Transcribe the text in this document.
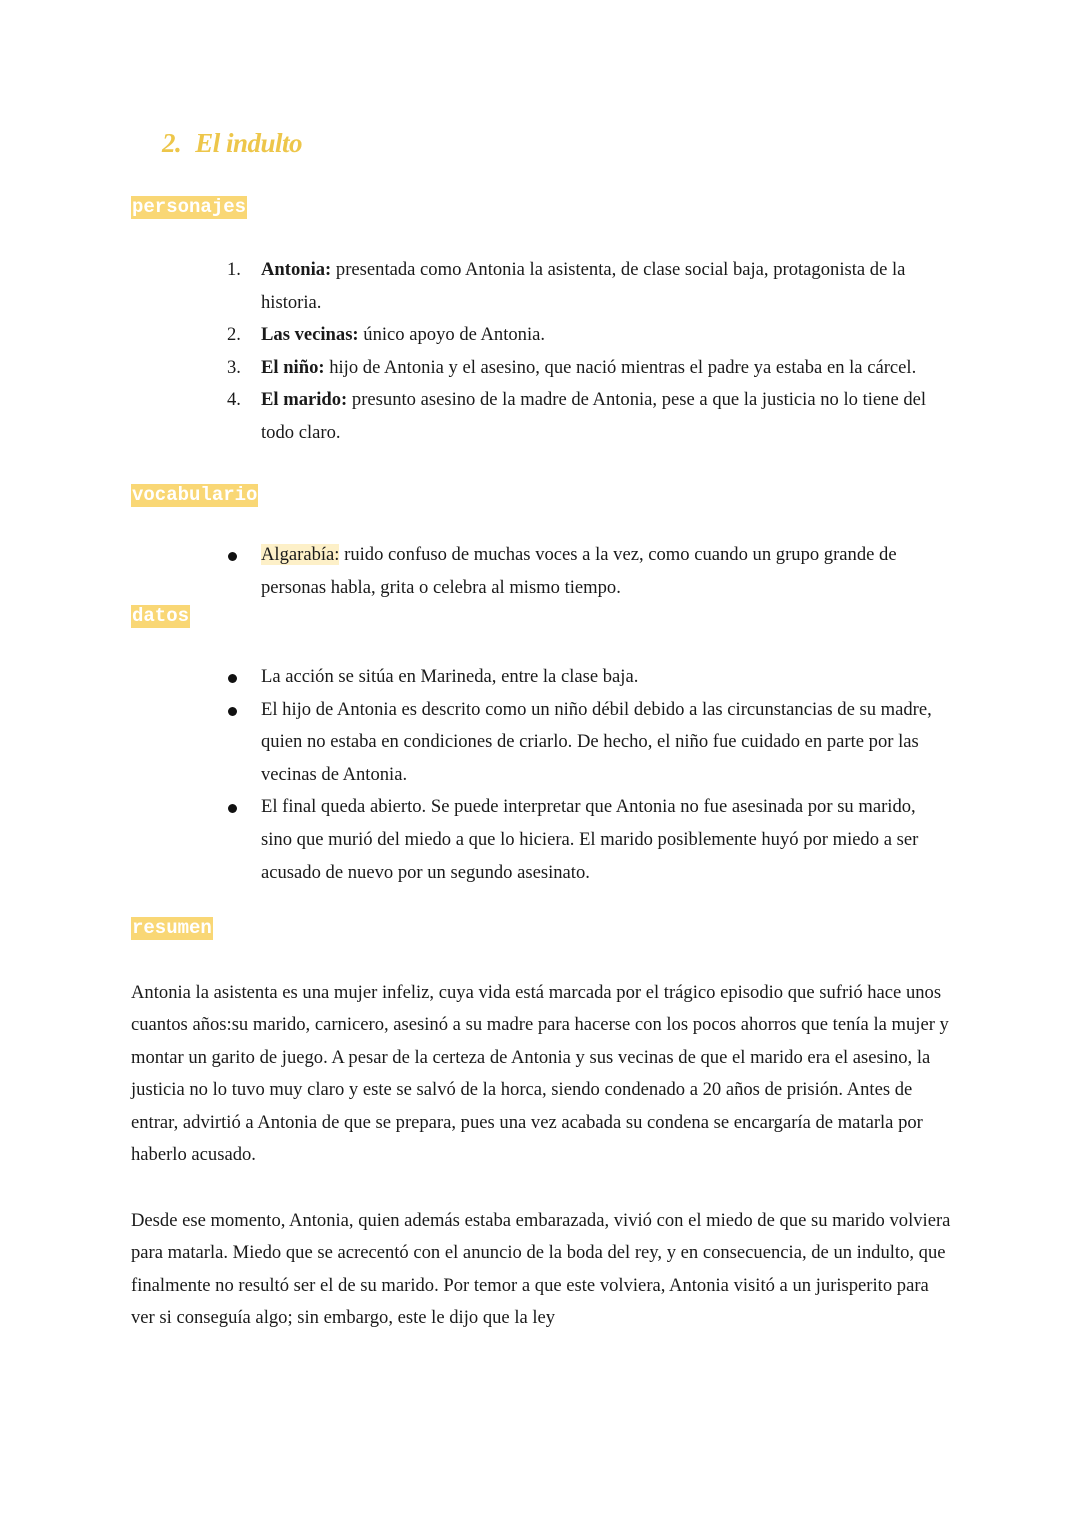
2. El indulto
personajes
1. Antonia: presentada como Antonia la asistenta, de clase social baja, protagonista de la historia.
2. Las vecinas: único apoyo de Antonia.
3. El niño: hijo de Antonia y el asesino, que nació mientras el padre ya estaba en la cárcel.
4. El marido: presunto asesino de la madre de Antonia, pese a que la justicia no lo tiene del todo claro.
vocabulario
Algarabía: ruido confuso de muchas voces a la vez, como cuando un grupo grande de personas habla, grita o celebra al mismo tiempo.
datos
La acción se sitúa en Marineda, entre la clase baja.
El hijo de Antonia es descrito como un niño débil debido a las circunstancias de su madre, quien no estaba en condiciones de criarlo. De hecho, el niño fue cuidado en parte por las vecinas de Antonia.
El final queda abierto. Se puede interpretar que Antonia no fue asesinada por su marido, sino que murió del miedo a que lo hiciera. El marido posiblemente huyó por miedo a ser acusado de nuevo por un segundo asesinato.
resumen

Antonia la asistenta es una mujer infeliz, cuya vida está marcada por el trágico episodio que sufrió hace unos cuantos años:su marido, carnicero, asesinó a su madre para hacerse con los pocos ahorros que tenía la mujer y montar un garito de juego. A pesar de la certeza de Antonia y sus vecinas de que el marido era el asesino, la justicia no lo tuvo muy claro y este se salvó de la horca, siendo condenado a 20 años de prisión. Antes de entrar, advirtió a Antonia de que se prepara, pues una vez acabada su condena se encargaría de matarla por haberlo acusado.

Desde ese momento, Antonia, quien además estaba embarazada, vivió con el miedo de que su marido volviera para matarla. Miedo que se acrecentó con el anuncio de la boda del rey, y en consecuencia, de un indulto, que finalmente no resultó ser el de su marido. Por temor a que este volviera, Antonia visitó a un jurisperito para ver si conseguía algo; sin embargo, este le dijo que la ley
